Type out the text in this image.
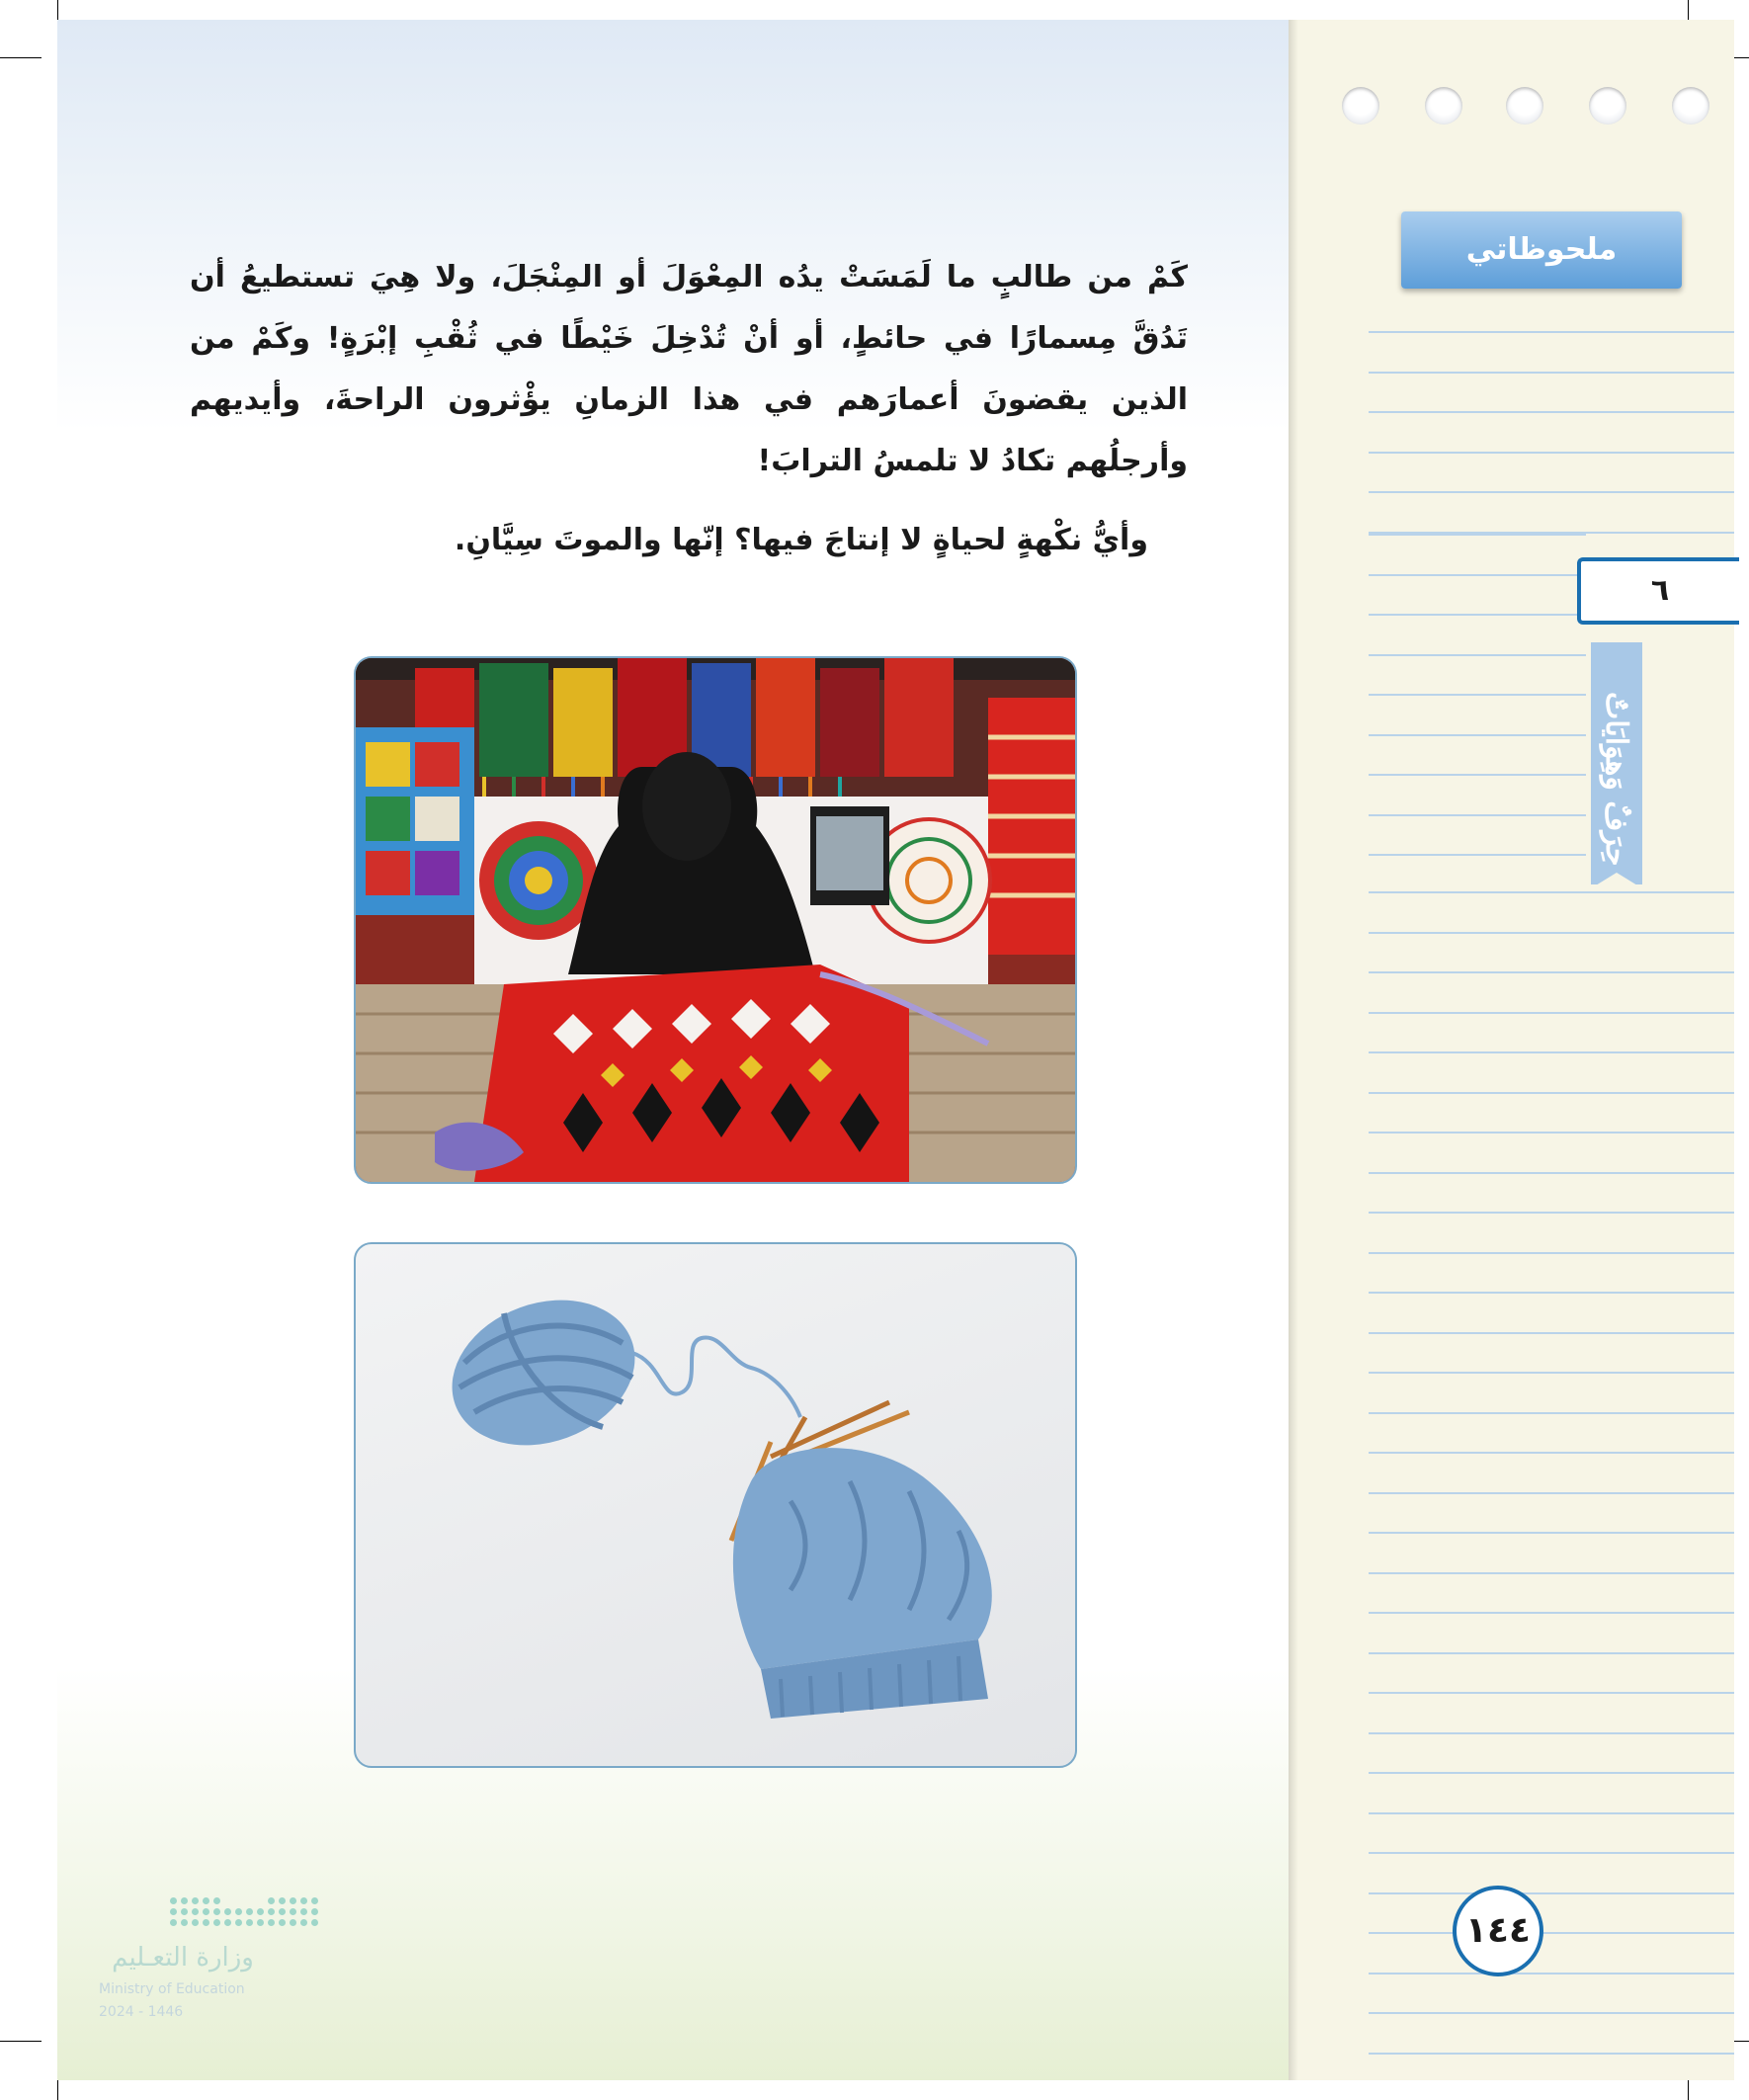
ملحوظاتي
٦
حِرَفٌ وَهِوَايَاتٌ
١٤٤

كَمْ من طالبٍ ما لَمَسَتْ يدُه المِعْوَلَ أو المِنْجَلَ، ولا هِيَ تستطيعُ أن تَدُقَّ مِسمارًا في حائطٍ، أو أنْ تُدْخِلَ خَيْطًا في ثُقْبِ إبْرَةٍ! وكَمْ من الذين يقضونَ أعمارَهم في هذا الزمانِ يؤْثرون الراحةَ، وأيديهم وأرجلُهم تكادُ لا تلمسُ الترابَ!

وأيُّ نكْهةٍ لحياةٍ لا إنتاجَ فيها؟ إنّها والموتَ سِيَّانِ.

وزارة التعـليم
Ministry of Education
2024 - 1446
